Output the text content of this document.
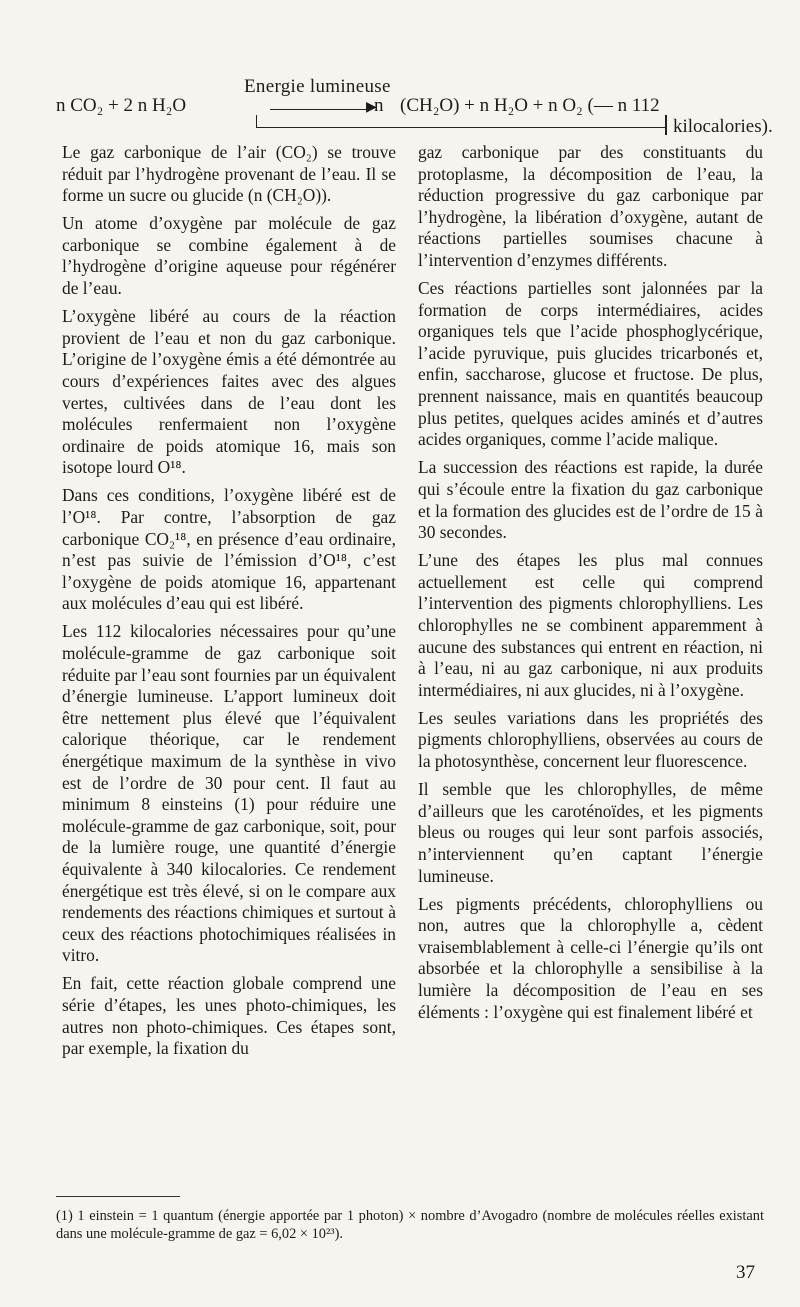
Energie lumineuse
n CO₂ + 2 n H₂O	n (CH₂O) + n H₂O + n O₂ (— n 112
▶
kilocalories).

Le gaz carbonique de l’air (CO₂) se trouve réduit par l’hydrogène provenant de l’eau. Il se forme un sucre ou glucide (n (CH₂O)).

Un atome d’oxygène par molécule de gaz carbonique se combine également à de l’hydrogène d’origine aqueuse pour régénérer de l’eau.

L’oxygène libéré au cours de la réaction provient de l’eau et non du gaz carbonique. L’origine de l’oxygène émis a été démontrée au cours d’expériences faites avec des algues vertes, cultivées dans de l’eau dont les molécules renfermaient non l’oxygène ordinaire de poids atomique 16, mais son isotope lourd O¹⁸.

Dans ces conditions, l’oxygène libéré est de l’O¹⁸. Par contre, l’absorption de gaz carbonique CO₂¹⁸, en présence d’eau ordinaire, n’est pas suivie de l’émission d’O¹⁸, c’est l’oxygène de poids atomique 16, appartenant aux molécules d’eau qui est libéré.

Les 112 kilocalories nécessaires pour qu’une molécule-gramme de gaz carbonique soit réduite par l’eau sont fournies par un équivalent d’énergie lumineuse. L’apport lumineux doit être nettement plus élevé que l’équivalent calorique théorique, car le rendement énergétique maximum de la synthèse in vivo est de l’ordre de 30 pour cent. Il faut au minimum 8 einsteins (1) pour réduire une molécule-gramme de gaz carbonique, soit, pour de la lumière rouge, une quantité d’énergie équivalente à 340 kilocalories. Ce rendement énergétique est très élevé, si on le compare aux rendements des réactions chimiques et surtout à ceux des réactions photochimiques réalisées in vitro.

En fait, cette réaction globale comprend une série d’étapes, les unes photo-chimiques, les autres non photo-chimiques. Ces étapes sont, par exemple, la fixation du

gaz carbonique par des constituants du protoplasme, la décomposition de l’eau, la réduction progressive du gaz carbonique par l’hydrogène, la libération d’oxygène, autant de réactions partielles soumises chacune à l’intervention d’enzymes différents.

Ces réactions partielles sont jalonnées par la formation de corps intermédiaires, acides organiques tels que l’acide phosphoglycérique, l’acide pyruvique, puis glucides tricarbonés et, enfin, saccharose, glucose et fructose. De plus, prennent naissance, mais en quantités beaucoup plus petites, quelques acides aminés et d’autres acides organiques, comme l’acide malique.

La succession des réactions est rapide, la durée qui s’écoule entre la fixation du gaz carbonique et la formation des glucides est de l’ordre de 15 à 30 secondes.

L’une des étapes les plus mal connues actuellement est celle qui comprend l’intervention des pigments chlorophylliens. Les chlorophylles ne se combinent apparemment à aucune des substances qui entrent en réaction, ni à l’eau, ni au gaz carbonique, ni aux produits intermédiaires, ni aux glucides, ni à l’oxygène.

Les seules variations dans les propriétés des pigments chlorophylliens, observées au cours de la photosynthèse, concernent leur fluorescence.

Il semble que les chlorophylles, de même d’ailleurs que les caroténoïdes, et les pigments bleus ou rouges qui leur sont parfois associés, n’interviennent qu’en captant l’énergie lumineuse.

Les pigments précédents, chlorophylliens ou non, autres que la chlorophylle a, cèdent vraisemblablement à celle-ci l’énergie qu’ils ont absorbée et la chlorophylle a sensibilise à la lumière la décomposition de l’eau en ses éléments : l’oxygène qui est finalement libéré et

(1) 1 einstein = 1 quantum (énergie apportée par 1 photon) × nombre d’Avogadro (nombre de molécules réelles existant dans une molécule-gramme de gaz = 6,02 × 10²³).
37
